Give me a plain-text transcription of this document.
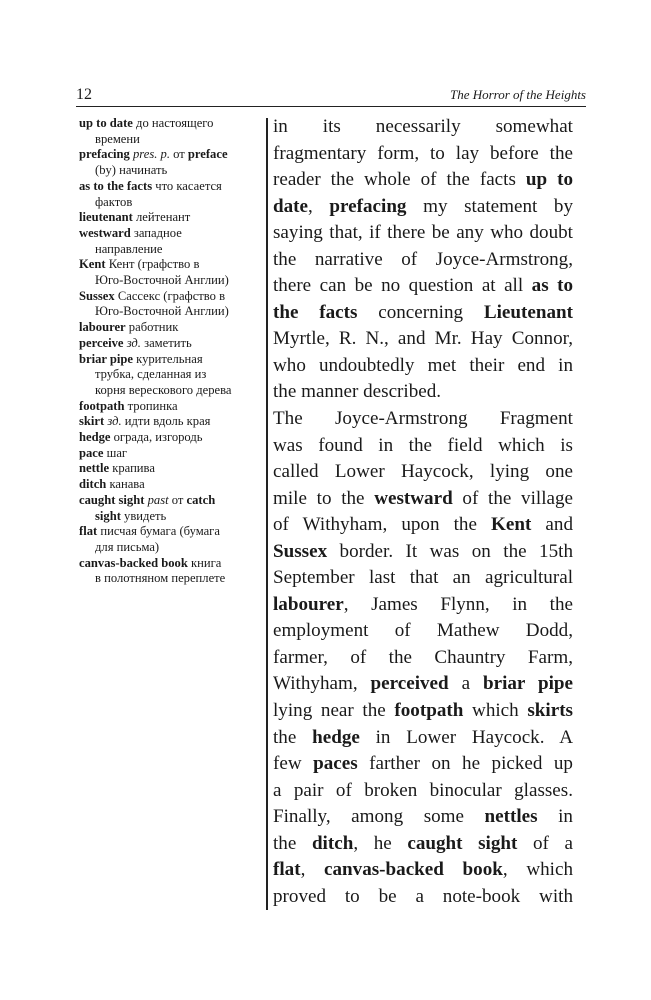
12	The Horror of the Heights
up to date до настоящего
времени
prefacing pres. p. от preface
(by) начинать
as to the facts что касается
фактов
lieutenant лейтенант
westward западное
направление
Kent Кент (графство в
Юго-Восточной Англии)
Sussex Сассекс (графство в
Юго-Восточной Англии)
labourer работник
perceive зд. заметить
briar pipe курительная
трубка, сделанная из
корня верескового дерева
footpath тропинка
skirt зд. идти вдоль края
hedge ограда, изгородь
pace шаг
nettle крапива
ditch канава
caught sight past от catch
sight увидеть
flat писчая бумага (бумага
для письма)
canvas-backed book книга
в полотняном переплете
in its necessarily somewhat
fragmentary form, to lay before the
reader the whole of the facts up to
date, prefacing my statement by
saying that, if there be any who doubt
the narrative of Joyce-Armstrong,
there can be no question at all as to
the facts concerning Lieutenant
Myrtle, R. N., and Mr. Hay Connor,
who undoubtedly met their end in
the manner described.
The Joyce-Armstrong Fragment
was found in the field which is
called Lower Haycock, lying one
mile to the westward of the village
of Withyham, upon the Kent and
Sussex border. It was on the 15th
September last that an agricultural
labourer, James Flynn, in the
employment of Mathew Dodd,
farmer, of the Chauntry Farm,
Withyham, perceived a briar pipe
lying near the footpath which skirts
the hedge in Lower Haycock. A
few paces farther on he picked up
a pair of broken binocular glasses.
Finally, among some nettles in
the ditch, he caught sight of a
flat, canvas-backed book, which
proved to be a note-book with
